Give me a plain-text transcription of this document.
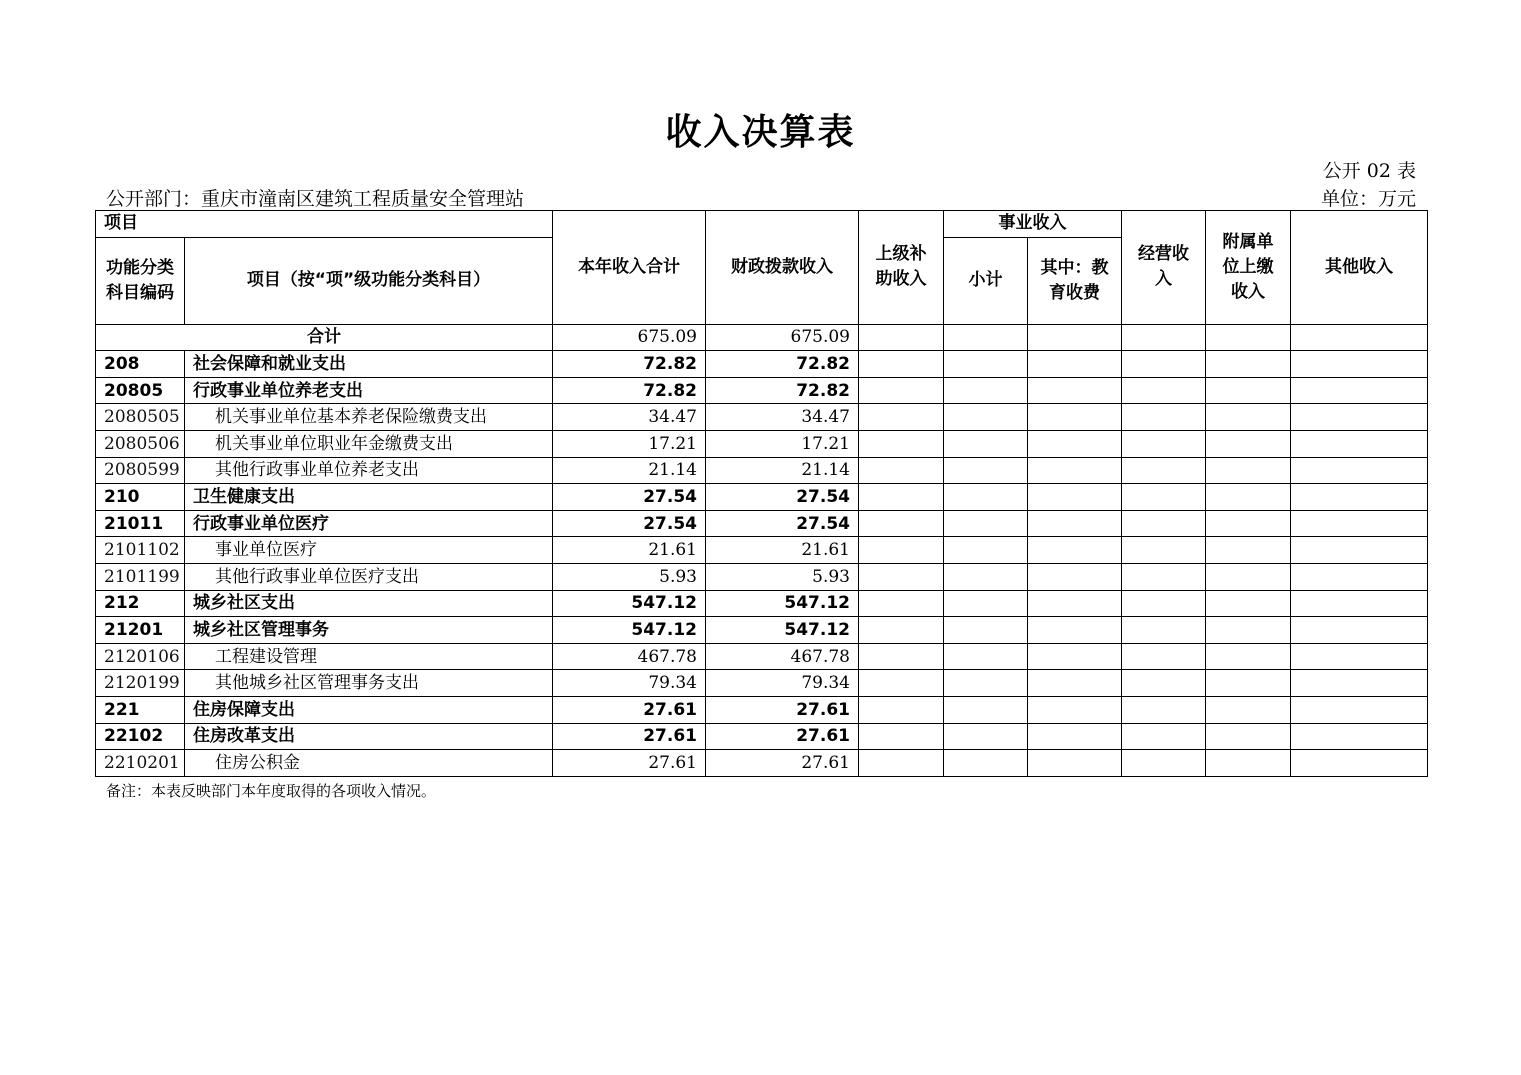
收入决算表
公开 02 表
公开部门：重庆市潼南区建筑工程质量安全管理站	单位：万元
项目		本年收入合计	财政拨款收入	上级补助收入	事业收入		经营收入	附属单位上缴收入	其他收入
功能分类科目编码	项目（按“项”级功能分类科目）				小计	其中：教育收费			
合计		675.09	675.09						
208	社会保障和就业支出	72.82	72.82						
20805	行政事业单位养老支出	72.82	72.82						
2080505	机关事业单位基本养老保险缴费支出	34.47	34.47						
2080506	机关事业单位职业年金缴费支出	17.21	17.21						
2080599	其他行政事业单位养老支出	21.14	21.14						
210	卫生健康支出	27.54	27.54						
21011	行政事业单位医疗	27.54	27.54						
2101102	事业单位医疗	21.61	21.61						
2101199	其他行政事业单位医疗支出	5.93	5.93						
212	城乡社区支出	547.12	547.12						
21201	城乡社区管理事务	547.12	547.12						
2120106	工程建设管理	467.78	467.78						
2120199	其他城乡社区管理事务支出	79.34	79.34						
221	住房保障支出	27.61	27.61						
22102	住房改革支出	27.61	27.61						
2210201	住房公积金	27.61	27.61						
备注：本表反映部门本年度取得的各项收入情况。
